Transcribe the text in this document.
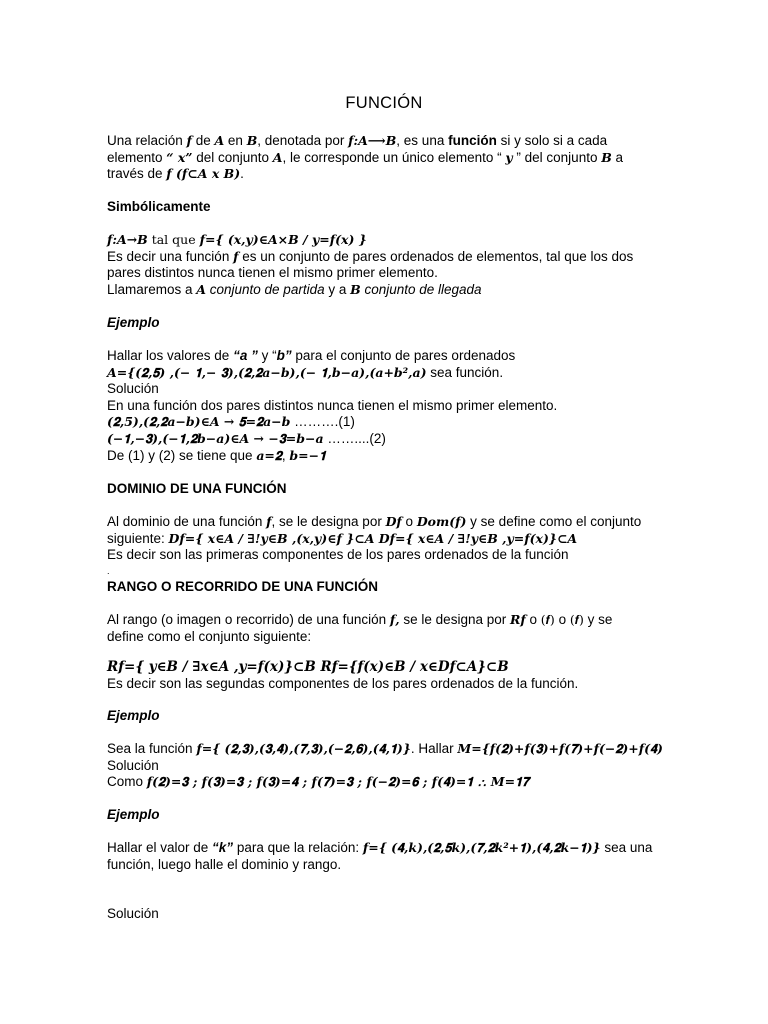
FUNCIÓN
Una relación 𝒇 de 𝑨 en 𝑩, denotada por 𝒇:𝑨⟶𝑩, es una función si y solo si a cada
elemento “ 𝒙” del conjunto 𝑨, le corresponde un único elemento “ 𝒚 ” del conjunto 𝑩 a
través de 𝒇 (𝒇⊂𝑨 𝒙 𝑩).
Simbólicamente
𝒇:𝑨→𝑩 tal que 𝒇={ (𝒙,𝒚)∈𝑨×𝑩 / 𝒚=𝒇(𝒙) }
Es decir una función 𝒇 es un conjunto de pares ordenados de elementos, tal que los dos
pares distintos nunca tienen el mismo primer elemento.
Llamaremos a 𝑨 conjunto de partida y a 𝑩 conjunto de llegada
Ejemplo
Hallar los valores de “a ” y “b” para el conjunto de pares ordenados
𝑨={(𝟐,𝟓) ,(− 𝟏,− 𝟑),(𝟐,𝟐𝒂−𝒃),(− 𝟏,𝒃−𝒂),(𝒂+𝒃²,𝒂) sea función.
Solución
En una función dos pares distintos nunca tienen el mismo primer elemento.
(𝟐,5),(𝟐,𝟐𝒂−𝒃)∈𝑨 → 𝟓=𝟐𝒂−𝒃 ……….(1)
(−𝟏,−𝟑),(−𝟏,𝟐𝒃−𝒂)∈𝑨 → −𝟑=𝒃−𝒂 ……....(2)
De (1) y (2) se tiene que 𝒂=𝟐, 𝒃=−𝟏
DOMINIO DE UNA FUNCIÓN
Al dominio de una función 𝒇, se le designa por 𝑫𝒇 o 𝑫𝒐𝒎(𝒇) y se define como el conjunto
siguiente: 𝑫𝒇={ 𝒙∈𝑨 / ∃!𝒚∈𝑩 ,(𝒙,𝒚)∈𝒇 }⊂𝑨 𝑫𝒇={ 𝒙∈𝑨 / ∃!𝒚∈𝑩 ,𝒚=𝒇(𝒙)}⊂𝑨
Es decir son las primeras componentes de los pares ordenados de la función
.
RANGO O RECORRIDO DE UNA FUNCIÓN
Al rango (o imagen o recorrido) de una función 𝒇, se le designa por 𝑹𝒇 o (𝒇) o (𝒇) y se
define como el conjunto siguiente:
𝑹𝒇={ 𝒚∈𝑩 / ∃𝒙∈𝑨 ,𝒚=𝒇(𝒙)}⊂𝑩 𝑹𝒇={𝒇(𝒙)∈𝑩 / 𝒙∈𝑫𝒇⊂𝑨}⊂𝑩
Es decir son las segundas componentes de los pares ordenados de la función.
Ejemplo
Sea la función 𝒇={ (𝟐,𝟑),(𝟑,𝟒),(𝟕,𝟑),(−𝟐,𝟔),(𝟒,𝟏)}. Hallar 𝑴={𝒇(𝟐)+𝒇(𝟑)+𝒇(𝟕)+𝒇(−𝟐)+𝒇(𝟒)
Solución
Como 𝒇(𝟐)=𝟑 ; 𝒇(𝟑)=𝟑 ; 𝒇(𝟑)=𝟒 ; 𝒇(𝟕)=𝟑 ; 𝒇(−𝟐)=𝟔 ; 𝒇(𝟒)=𝟏 ∴ 𝑴=𝟏𝟕
Ejemplo
Hallar el valor de “k” para que la relación: 𝒇={ (𝟒,𝒌),(𝟐,𝟓𝒌),(𝟕,𝟐𝒌²+𝟏),(𝟒,𝟐𝒌−𝟏)} sea una
función, luego halle el dominio y rango.
Solución
